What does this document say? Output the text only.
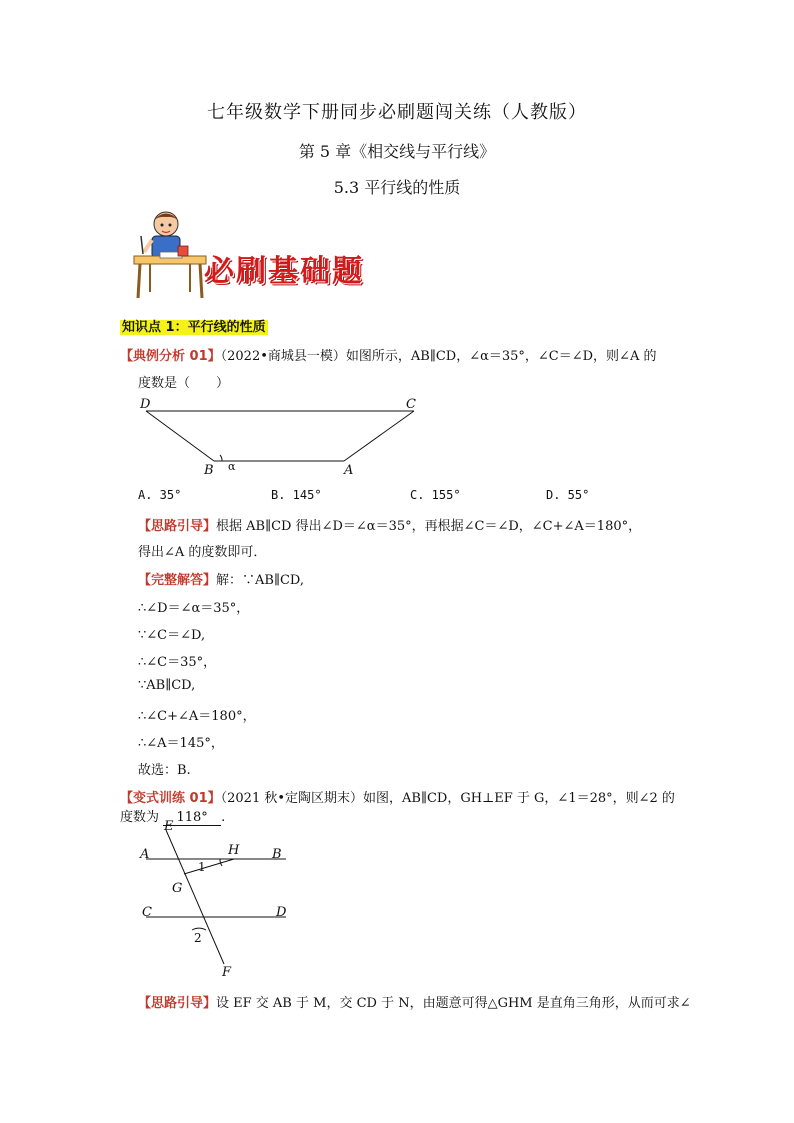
七年级数学下册同步必刷题闯关练（人教版）
第 5 章《相交线与平行线》
5.3 平行线的性质
必刷基础题
知识点 1：平行线的性质
【典例分析 01】（2022•商城县一模）如图所示，AB∥CD，∠α＝35°，∠C＝∠D，则∠A 的
度数是（　　）
D	C
B	A
α
A. 35°	B. 145°	C. 155°	D. 55°
【思路引导】根据 AB∥CD 得出∠D＝∠α＝35°，再根据∠C＝∠D，∠C+∠A＝180°，
得出∠A 的度数即可．
【完整解答】解：∵AB∥CD,
∴∠D＝∠α＝35°，
∵∠C＝∠D,
∴∠C＝35°，
∵AB∥CD,
∴∠C+∠A＝180°，
∴∠A＝145°，
故选：B.
【变式训练 01】（2021 秋•定陶区期末）如图，AB∥CD，GH⊥EF 于 G，∠1＝28°，则∠2 的
度数为 118° .
E
A	H	B
1
G
C	D
2
F
【思路引导】设 EF 交 AB 于 M，交 CD 于 N，由题意可得△GHM 是直角三角形，从而可求∠
